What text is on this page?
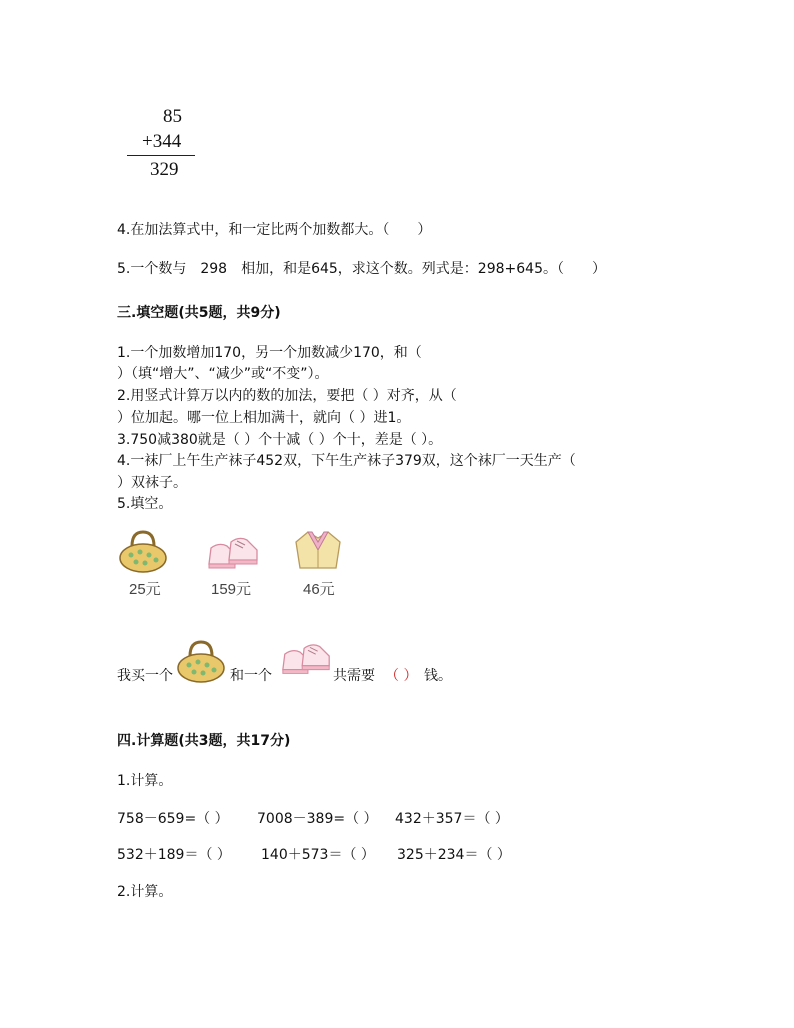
85
+344
329
4.在加法算式中，和一定比两个加数都大。（　　）
5.一个数与　298　相加，和是645，求这个数。列式是：298+645。（　　）
三.填空题(共5题，共9分)
1.一个加数增加170，另一个加数减少170，和（
）（填“增大”、“减少”或“不变”）。
2.用竖式计算万以内的数的加法，要把（ ）对齐，从（
）位加起。哪一位上相加满十，就向（ ）进1。
3.750减380就是（ ）个十减（ ）个十，差是（ ）。
4.一袜厂上午生产袜子452双，下午生产袜子379双，这个袜厂一天生产（
）双袜子。
5.填空。
25元	159元	46元
我买一个	和一个	共需要 （ ） 钱。
四.计算题(共3题，共17分)
1.计算。
758－659=（ ） 7008－389=（ ） 432＋357＝（ ）
532＋189＝（ ） 140＋573＝（ ） 325＋234＝（ ）
2.计算。
